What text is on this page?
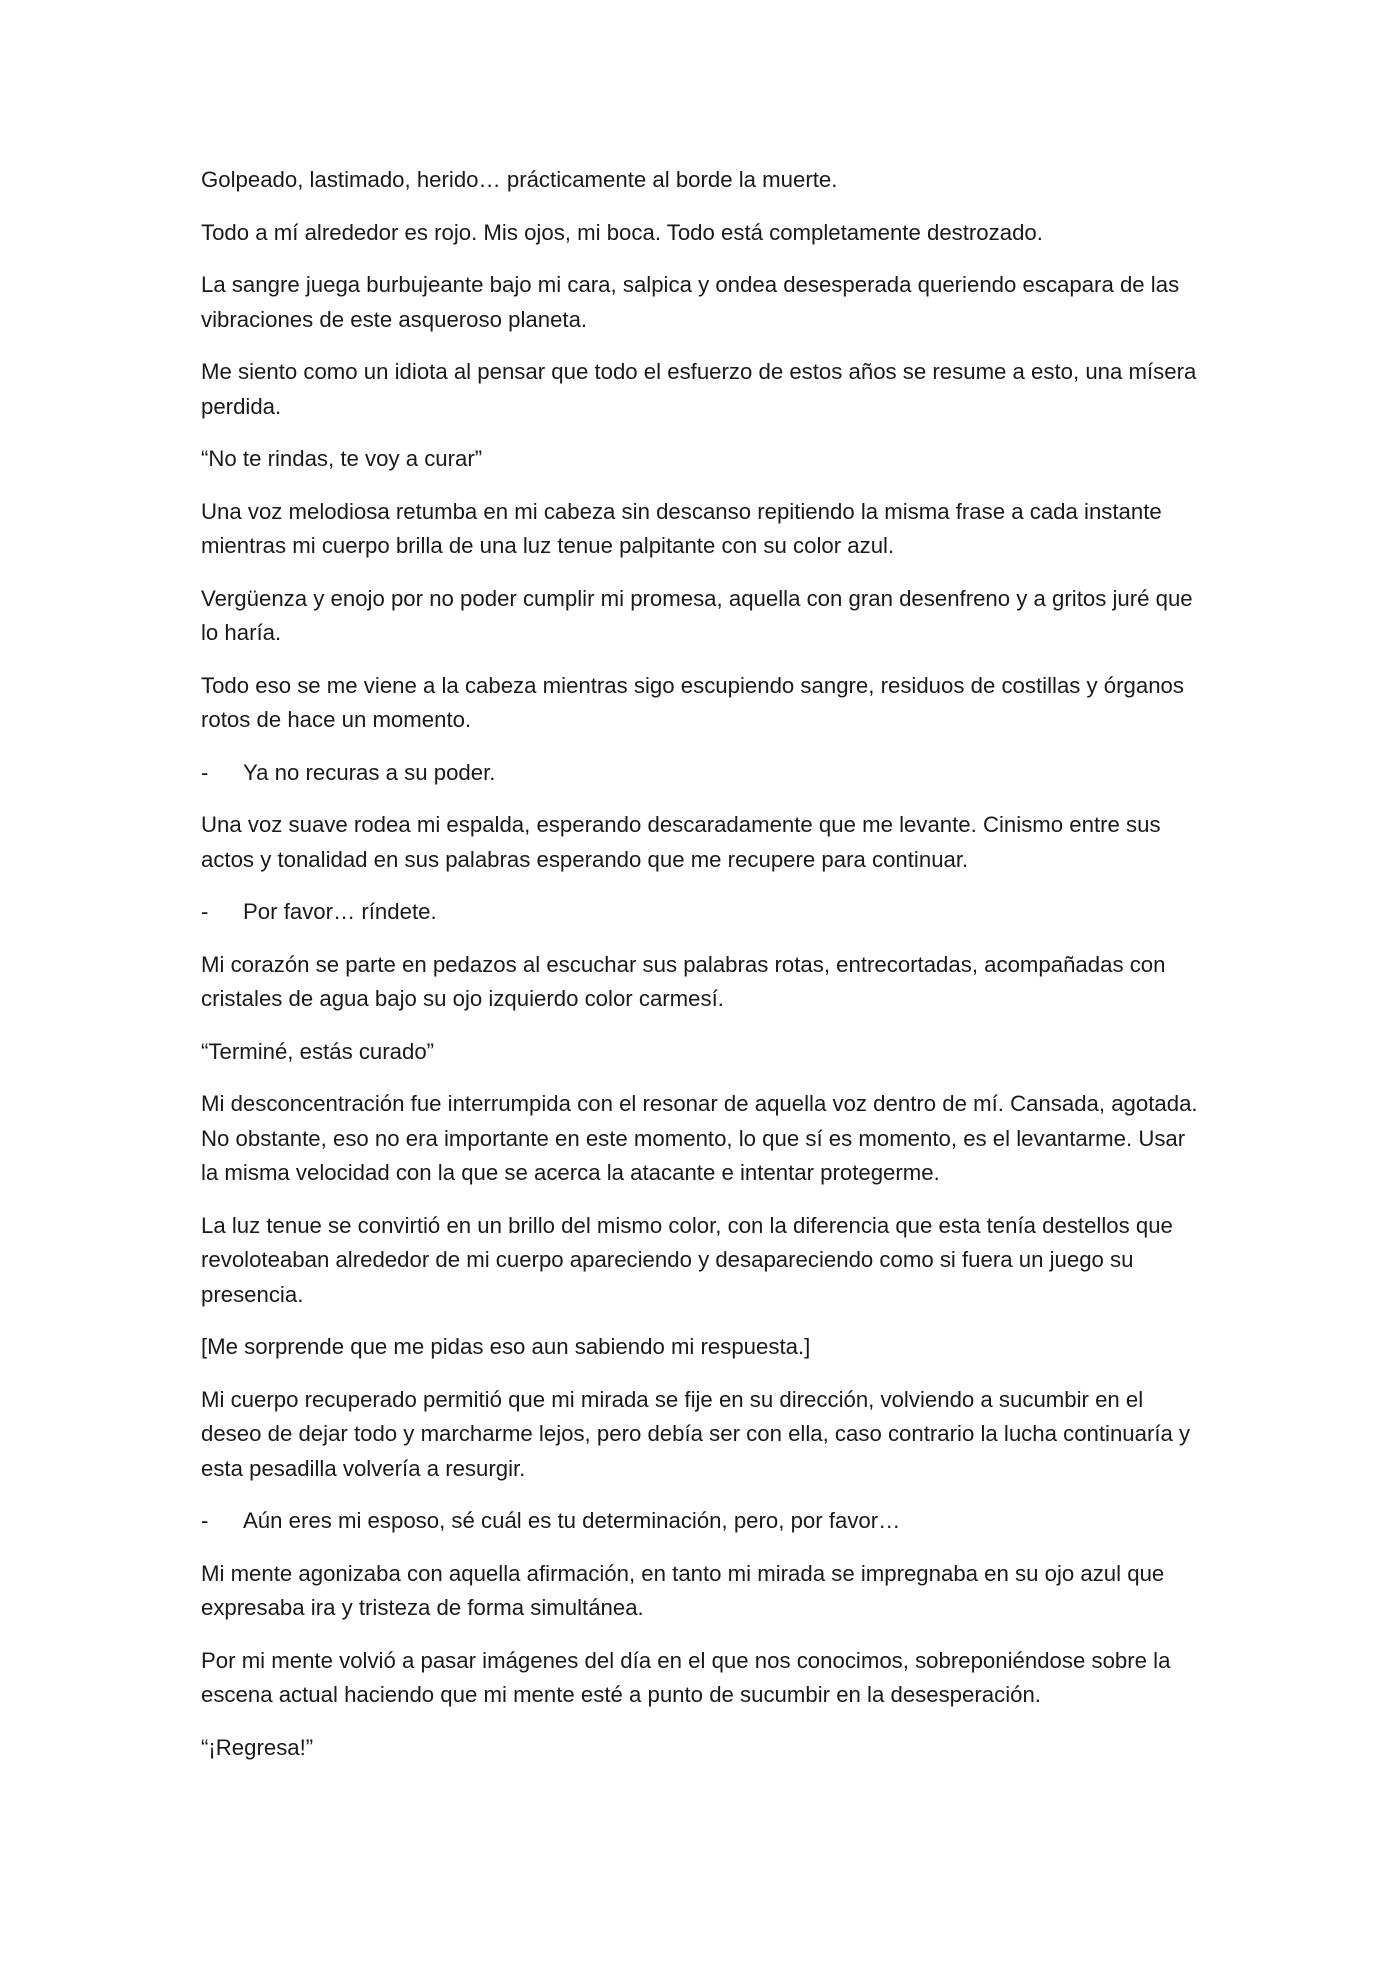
Golpeado, lastimado, herido… prácticamente al borde la muerte.

Todo a mí alrededor es rojo. Mis ojos, mi boca. Todo está completamente destrozado.

La sangre juega burbujeante bajo mi cara, salpica y ondea desesperada queriendo escapara de las vibraciones de este asqueroso planeta.

Me siento como un idiota al pensar que todo el esfuerzo de estos años se resume a esto, una mísera perdida.

“No te rindas, te voy a curar”

Una voz melodiosa retumba en mi cabeza sin descanso repitiendo la misma frase a cada instante mientras mi cuerpo brilla de una luz tenue palpitante con su color azul.

Vergüenza y enojo por no poder cumplir mi promesa, aquella con gran desenfreno y a gritos juré que lo haría.

Todo eso se me viene a la cabeza mientras sigo escupiendo sangre, residuos de costillas y órganos rotos de hace un momento.

- Ya no recuras a su poder.

Una voz suave rodea mi espalda, esperando descaradamente que me levante. Cinismo entre sus actos y tonalidad en sus palabras esperando que me recupere para continuar.

- Por favor… ríndete.

Mi corazón se parte en pedazos al escuchar sus palabras rotas, entrecortadas, acompañadas con cristales de agua bajo su ojo izquierdo color carmesí.

“Terminé, estás curado”

Mi desconcentración fue interrumpida con el resonar de aquella voz dentro de mí. Cansada, agotada. No obstante, eso no era importante en este momento, lo que sí es momento, es el levantarme. Usar la misma velocidad con la que se acerca la atacante e intentar protegerme.

La luz tenue se convirtió en un brillo del mismo color, con la diferencia que esta tenía destellos que revoloteaban alrededor de mi cuerpo apareciendo y desapareciendo como si fuera un juego su presencia.

[Me sorprende que me pidas eso aun sabiendo mi respuesta.]

Mi cuerpo recuperado permitió que mi mirada se fije en su dirección, volviendo a sucumbir en el deseo de dejar todo y marcharme lejos, pero debía ser con ella, caso contrario la lucha continuaría y esta pesadilla volvería a resurgir.

- Aún eres mi esposo, sé cuál es tu determinación, pero, por favor…

Mi mente agonizaba con aquella afirmación, en tanto mi mirada se impregnaba en su ojo azul que expresaba ira y tristeza de forma simultánea.

Por mi mente volvió a pasar imágenes del día en el que nos conocimos, sobreponiéndose sobre la escena actual haciendo que mi mente esté a punto de sucumbir en la desesperación.

“¡Regresa!”
